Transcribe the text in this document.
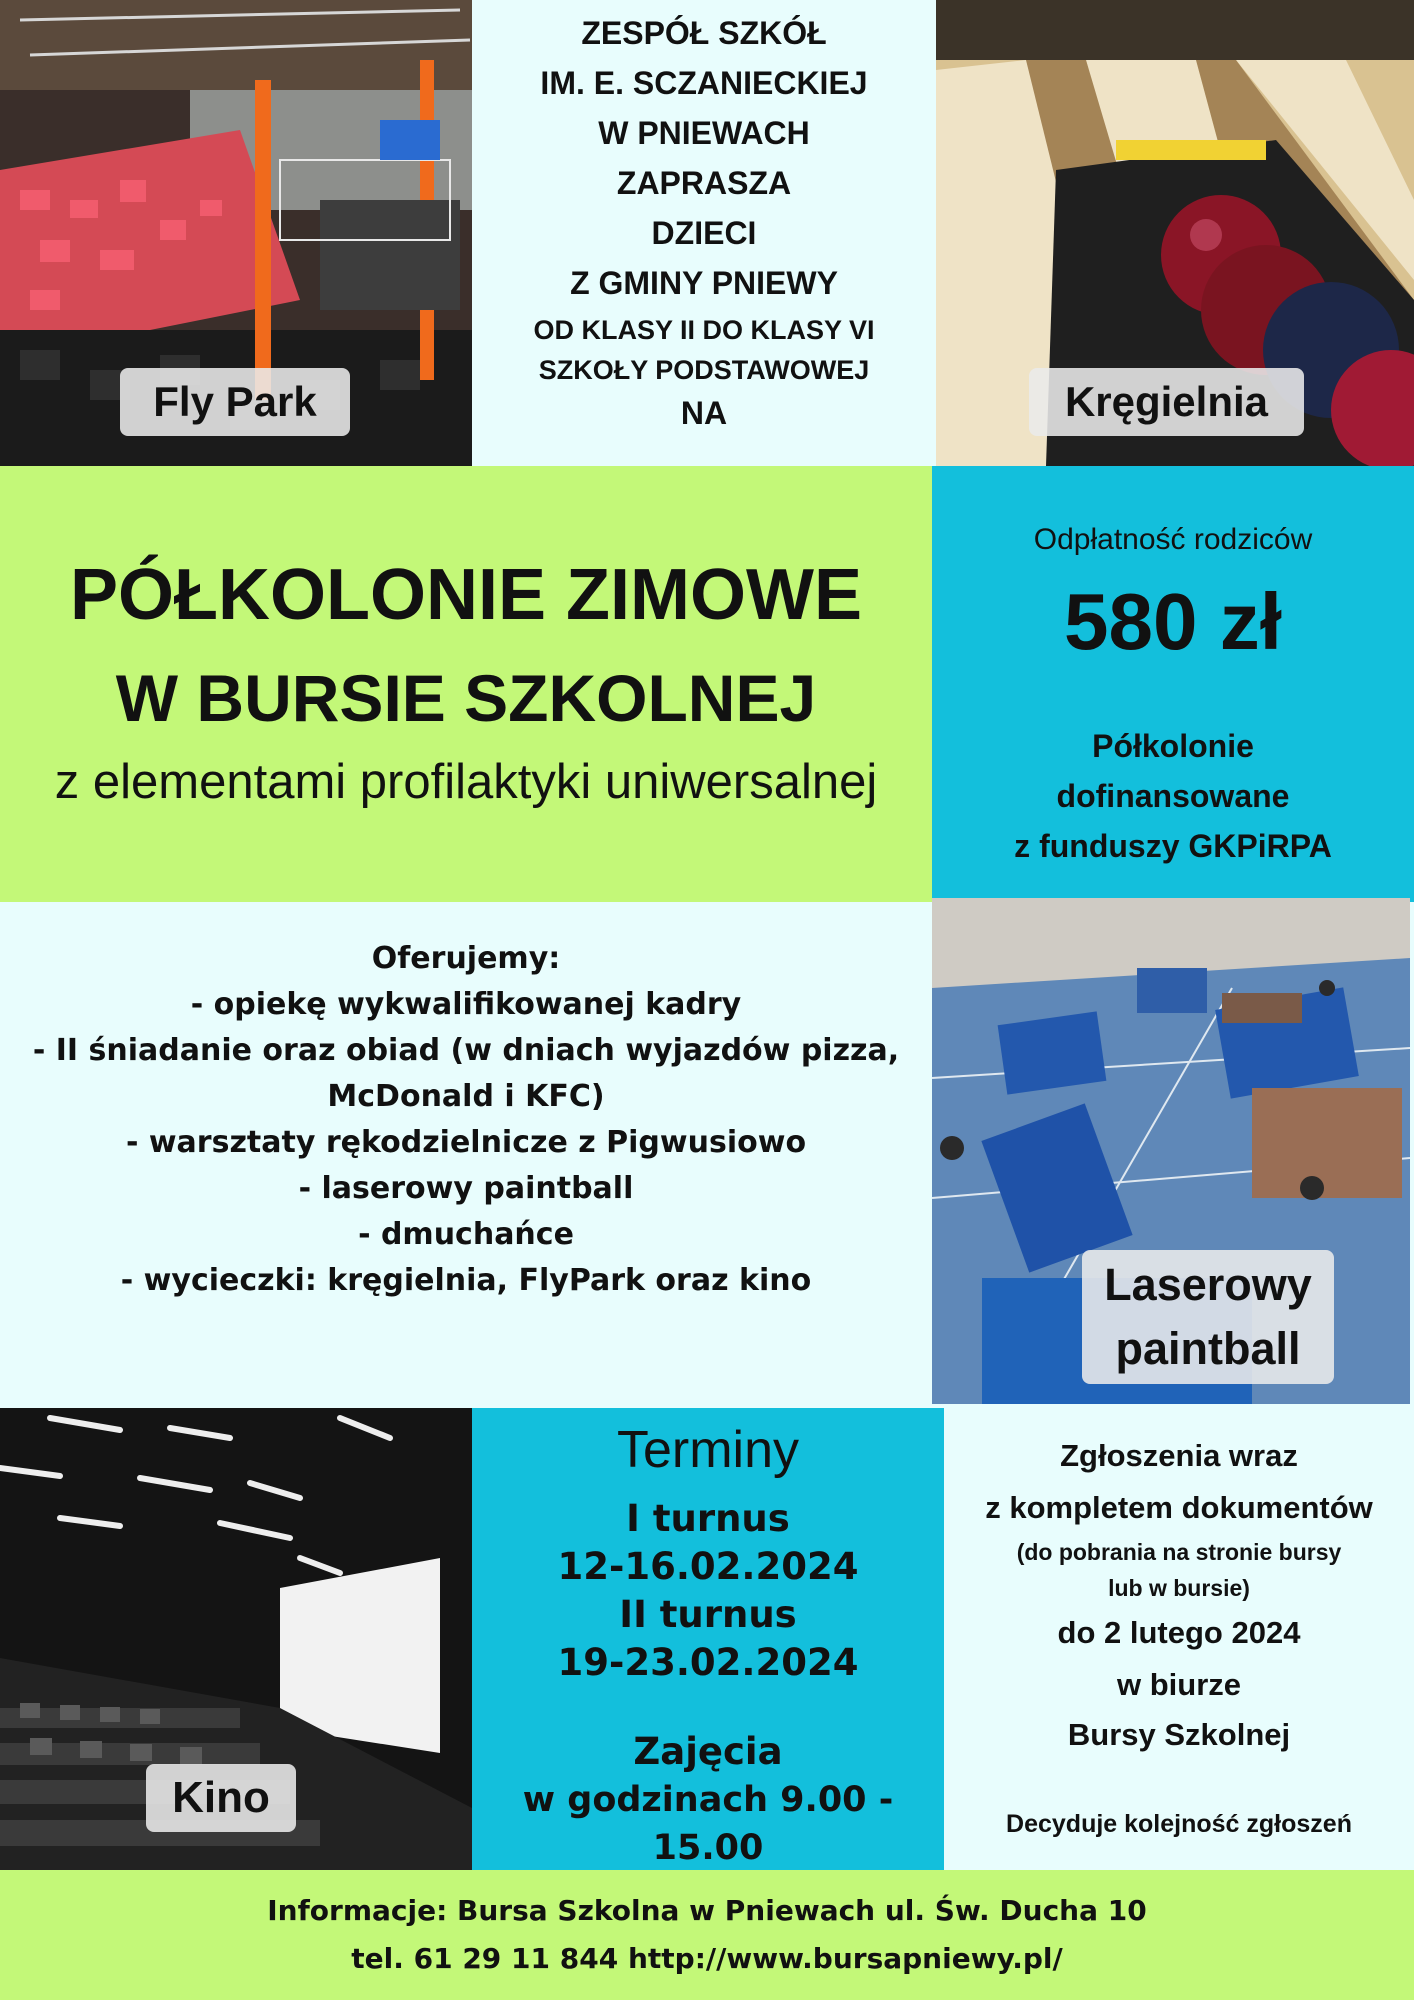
Fly Park
ZESPÓŁ SZKÓŁ
IM. E. SCZANIECKIEJ
W PNIEWACH
ZAPRASZA
DZIECI
Z GMINY PNIEWY
OD KLASY II DO KLASY VI
SZKOŁY PODSTAWOWEJ
NA	Kręgielnia
PÓŁKOLONIE ZIMOWE
W BURSIE SZKOLNEJ
z elementami profilaktyki uniwersalnej
Odpłatność rodziców
580 zł
Półkolonie
dofinansowane
z funduszy GKPiRPA
Oferujemy:
- opiekę wykwalifikowanej kadry
- II śniadanie oraz obiad (w dniach wyjazdów pizza,
McDonald i KFC)
- warsztaty rękodzielnicze z Pigwusiowo
- laserowy paintball
- dmuchańce
- wycieczki: kręgielnia, FlyPark oraz kino	Laserowy
paintball
Kino
Terminy
I turnus
12-16.02.2024
II turnus
19-23.02.2024
Zajęcia
w godzinach 9.00 - 15.00
Zgłoszenia wraz
z kompletem dokumentów
(do pobrania na stronie bursy
lub w bursie)
do 2 lutego 2024
w biurze
Bursy Szkolnej
Decyduje kolejność zgłoszeń
Informacje: Bursa Szkolna w Pniewach ul. Św. Ducha 10
tel. 61 29 11 844 http://www.bursapniewy.pl/
